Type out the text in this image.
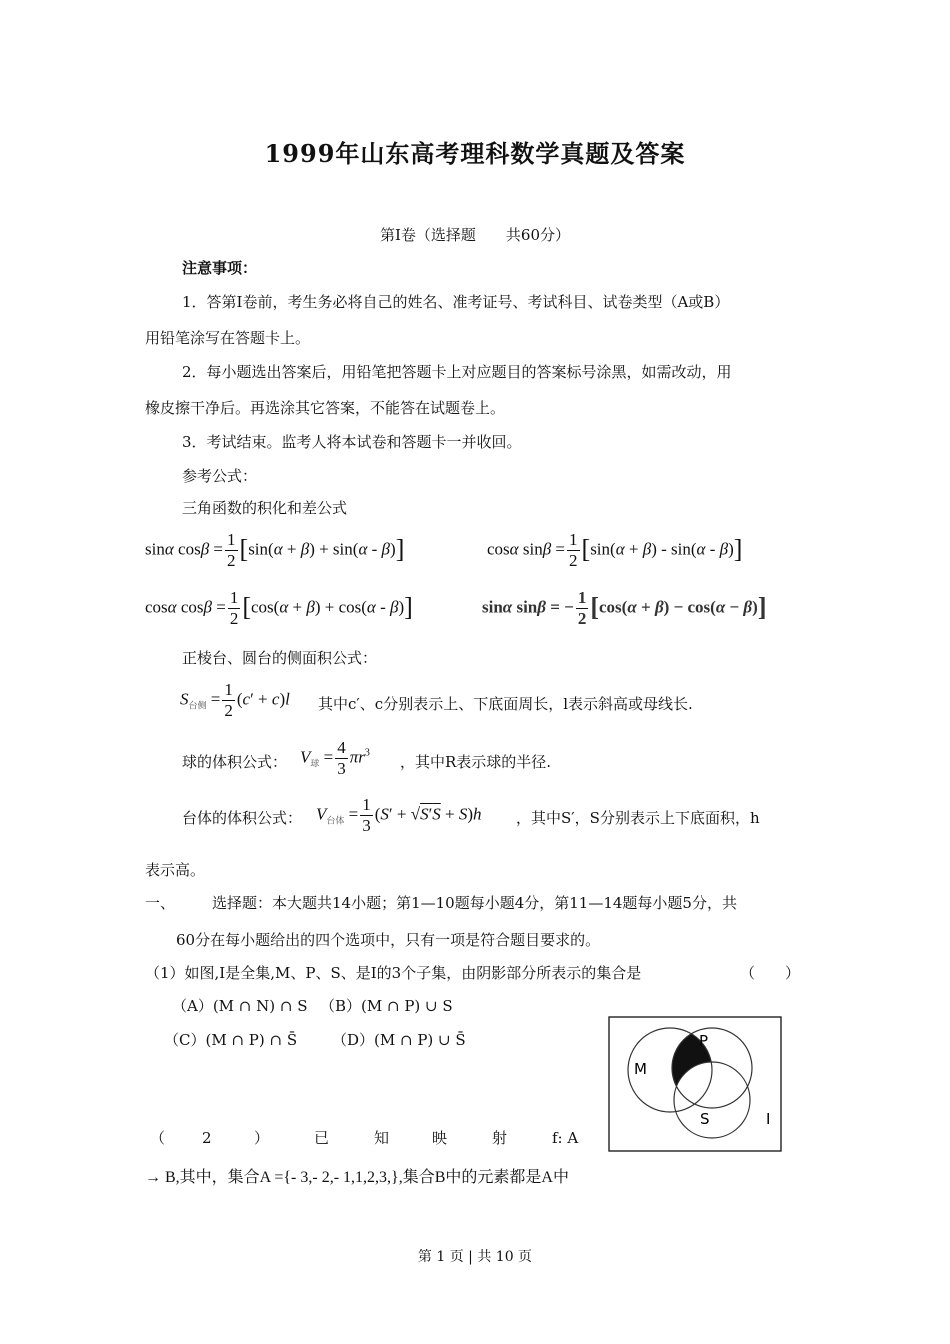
1999年山东高考理科数学真题及答案
第Ⅰ卷（选择题　　共60分）
注意事项：
1．答第Ⅰ卷前，考生务必将自己的姓名、准考证号、考试科目、试卷类型（A或B）
用铅笔涂写在答题卡上。
2．每小题选出答案后，用铅笔把答题卡上对应题目的答案标号涂黑，如需改动，用
橡皮擦干净后。再选涂其它答案，不能答在试题卷上。
3．考试结束。监考人将本试卷和答题卡一并收回。
参考公式：
三角函数的积化和差公式
sinα $\cos\beta = \frac{1}{2} [\sin(\alpha + \beta) + \sin(\alpha - \beta)]$	cosα $\sin\beta = \frac{1}{2} [\sin(\alpha + \beta) - \sin(\alpha - \beta)]$
cosα $\cos\beta = \frac{1}{2} [\cos(\alpha + \beta) + \cos(\alpha - \beta)]$	sinα sinβ = − $\frac{1}{2} [\cos(\alpha + \beta) - \cos(\alpha - \beta)]$
正棱台、圆台的侧面积公式：
$S_{台侧} = \frac{1}{2} (c' + c)l$ 其中c′、c分别表示上、下底面周长，l表示斜高或母线长.
球的体积公式： $V_球 = \frac{4}{3} \pi r^3$
，其中R表示球的半径.
台体的体积公式： $V_{台体} = \frac{1}{3} (S' + √S'S + S)h$ ，其中S′，S分别表示上下底面积，h
表示高。
一、 选择题：本大题共14小题；第1—10题每小题4分，第11—14题每小题5分，共
60分在每小题给出的四个选项中，只有一项是符合题目要求的。
（1）如图,Ⅰ是全集,M、P、S、是Ⅰ的3个子集，由阴影部分所表示的集合是	（　　）
（A）(M ∩ N) ∩ S （B）(M ∩ P) ∪ S
（C）(M ∩ P) ∩ S̄ （D）(M ∩ P) ∪ S̄
M
P
S	I
（ 2	）	已	知	映	射	f: A
→ B,其中，集合A ={- 3,- 2,- 1,1,2,3,},集合B中的元素都是A中
第 1 页 | 共 10 页
